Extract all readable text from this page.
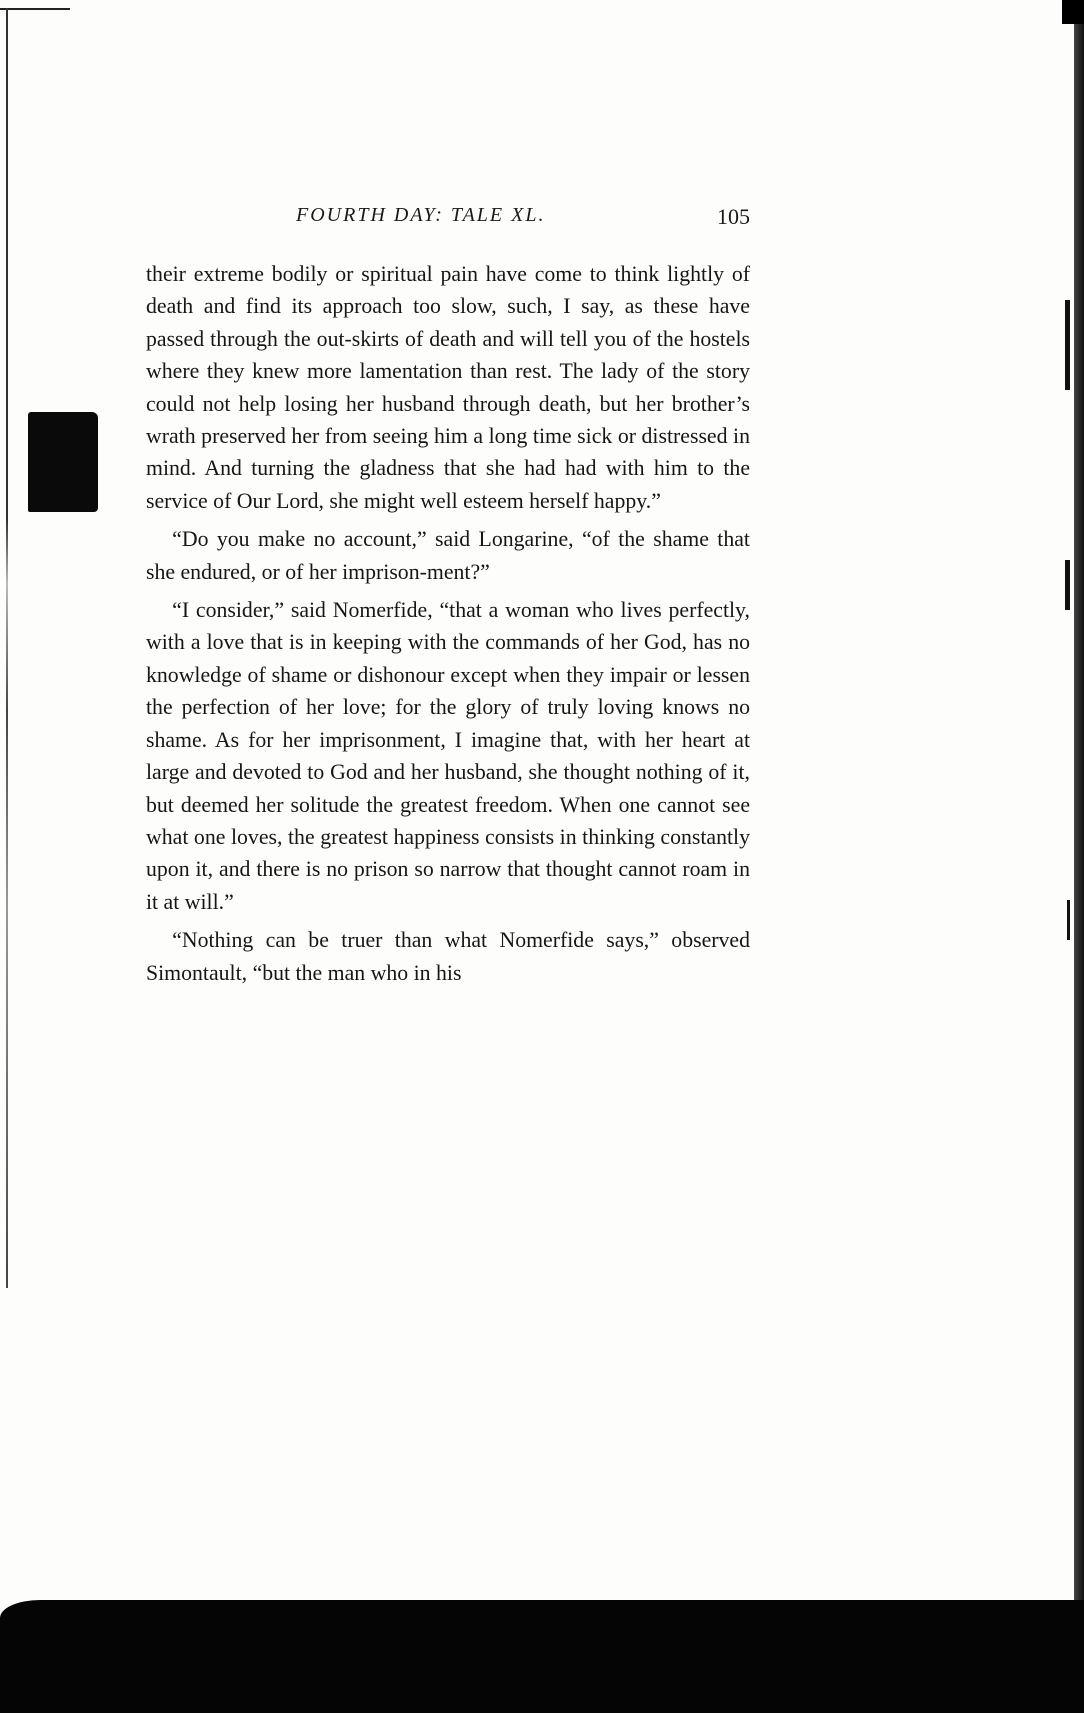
FOURTH DAY: TALE XL.	105

their extreme bodily or spiritual pain have come to think lightly of death and find its approach too slow, such, I say, as these have passed through the out-skirts of death and will tell you of the hostels where they knew more lamentation than rest. The lady of the story could not help losing her husband through death, but her brother’s wrath preserved her from seeing him a long time sick or distressed in mind. And turning the gladness that she had had with him to the service of Our Lord, she might well esteem herself happy.”

“Do you make no account,” said Longarine, “of the shame that she endured, or of her imprison-ment?”

“I consider,” said Nomerfide, “that a woman who lives perfectly, with a love that is in keeping with the commands of her God, has no knowledge of shame or dishonour except when they impair or lessen the perfection of her love; for the glory of truly loving knows no shame. As for her imprisonment, I imagine that, with her heart at large and devoted to God and her husband, she thought nothing of it, but deemed her solitude the greatest freedom. When one cannot see what one loves, the greatest happiness consists in thinking constantly upon it, and there is no prison so narrow that thought cannot roam in it at will.”

“Nothing can be truer than what Nomerfide says,” observed Simontault, “but the man who in his
